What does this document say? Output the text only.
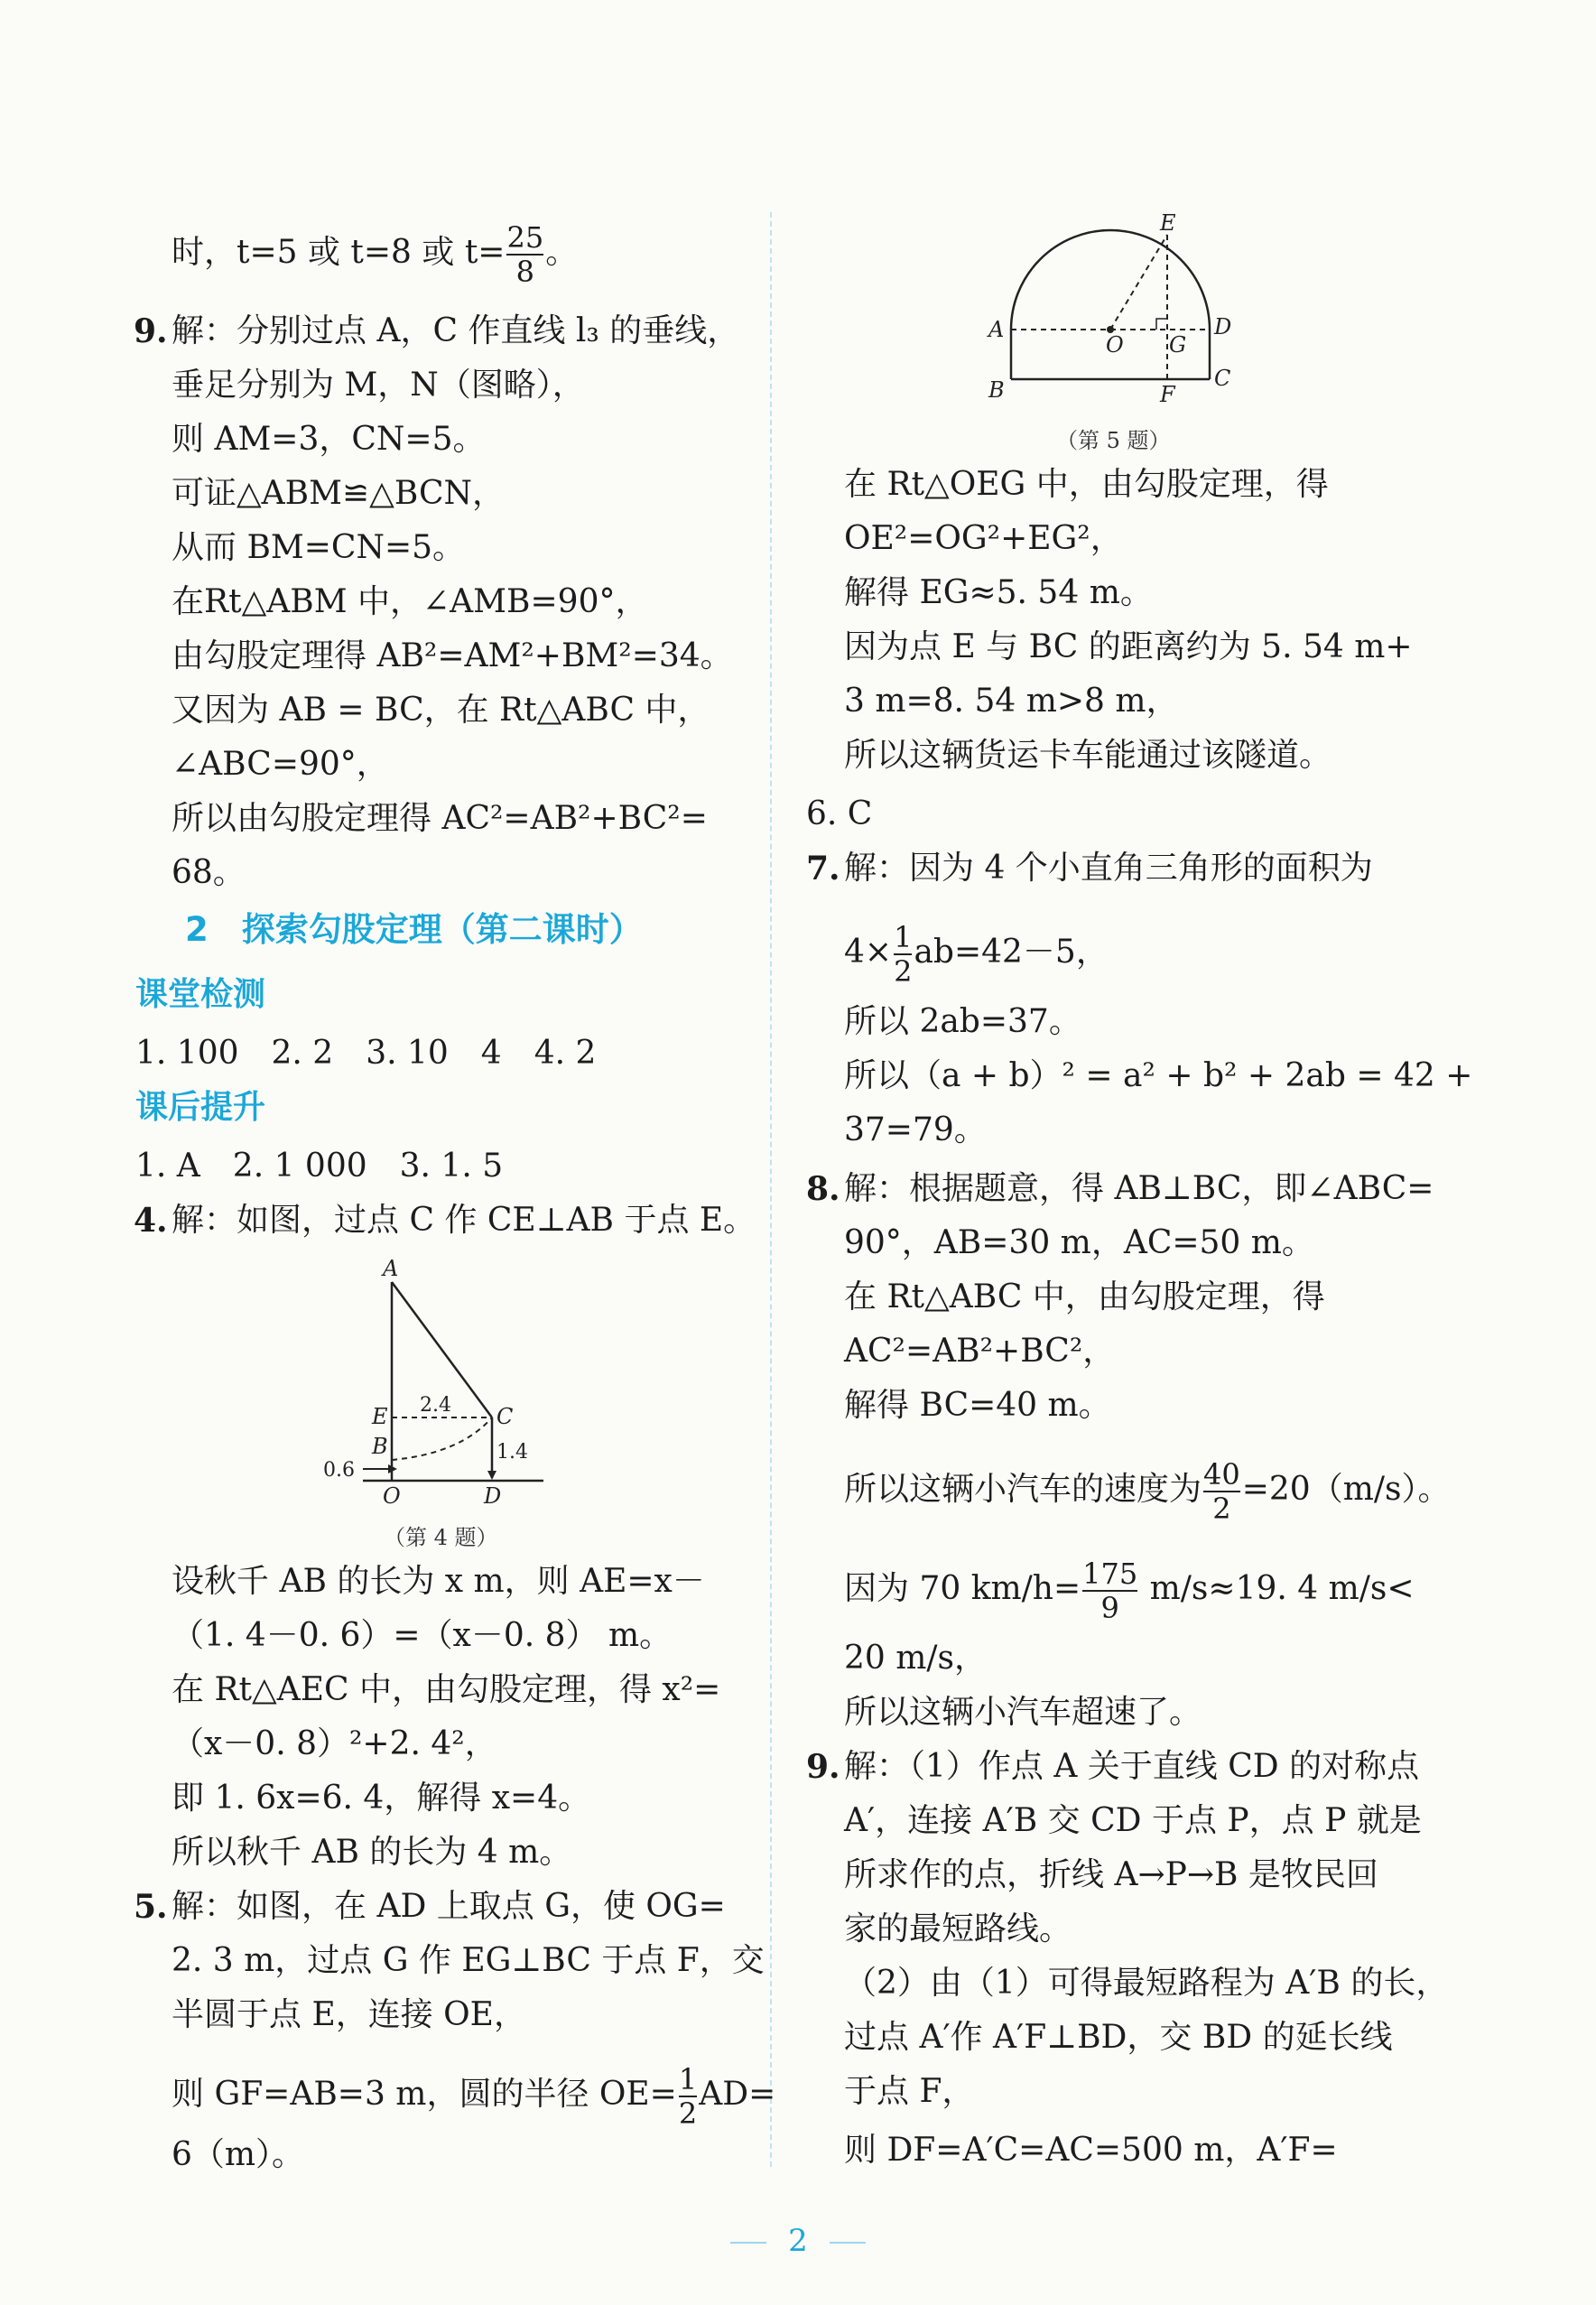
时，t=5 或 t=8 或 $t= \frac{25}{8}$ 。
9. 解：分别过点 A，C 作直线 l₃ 的垂线，
垂足分别为 M，N（图略），
则 AM=3，CN=5。
可证△ABM≌△BCN，
从而 BM=CN=5。
在Rt△ABM 中，∠AMB=90°，
由勾股定理得 AB²=AM²+BM²=34。
又因为 AB = BC，在 Rt△ABC 中，
∠ABC=90°，
所以由勾股定理得 AC²=AB²+BC²=
68。
2　探索勾股定理（第二课时）
课堂检测
1. 100　2. 2　3. 10　4　4. 2
课后提升
1. A　2. 1 000　3. 1. 5
4. 解：如图，过点 C 作 CE⊥AB 于点 E。
A
E
B
C
O	D
2.4
1.4
0.6
（第 4 题）
设秋千 AB 的长为 x m，则 AE=x－
（1. 4－0. 6）=（x－0. 8） m。
在 Rt△AEC 中，由勾股定理，得 x²=
（x－0. 8）²+2. 4²，
即 1. 6x=6. 4，解得 x=4。
所以秋千 AB 的长为 4 m。
5. 解：如图，在 AD 上取点 G，使 OG=
2. 3 m，过点 G 作 EG⊥BC 于点 F，交
半圆于点 E，连接 OE，
则 GF=AB=3 m，圆的半径 $OE= \frac{1}{2} AD=$
6（m）。
E
A
O G
D
B	F
C
（第 5 题）
在 Rt△OEG 中，由勾股定理，得
OE²=OG²+EG²，
解得 EG≈5. 54 m。
因为点 E 与 BC 的距离约为 5. 54 m+
3 m=8. 54 m>8 m，
所以这辆货运卡车能通过该隧道。
6. C
7. 解：因为 4 个小直角三角形的面积为
$4\times \frac{1}{2} ab=42-5$，
所以 2ab=37。
所以（a + b）² = a² + b² + 2ab = 42 +
37=79。
8. 解：根据题意，得 AB⊥BC，即∠ABC=
90°，AB=30 m，AC=50 m。
在 Rt△ABC 中，由勾股定理，得
AC²=AB²+BC²，
解得 BC=40 m。
所以这辆小汽车的速度为 $\frac{40}{2} =20(m/s)$。
因为 70 $km/h= \frac{175}{9} m/s\approx 19$. 4 m/s<
20 m/s，
所以这辆小汽车超速了。
9. 解：（1）作点 A 关于直线 CD 的对称点
A′，连接 A′B 交 CD 于点 P，点 P 就是
所求作的点，折线 A→P→B 是牧民回
家的最短路线。
（2）由（1）可得最短路程为 A′B 的长，
过点 A′作 A′F⊥BD，交 BD 的延长线
于点 F，
则 DF=A′C=AC=500 m，A′F=
2
